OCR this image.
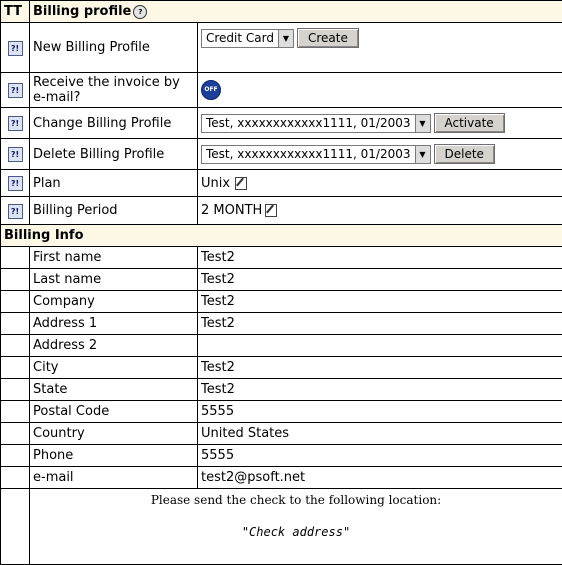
TT	Billing profile ?	
?!	New Billing Profile	Credit Card ▼ Create
?!	Receive the invoice by e-mail?	OFF
?!	Change Billing Profile	Test, xxxxxxxxxxxx1111, 01/2003 ▼ Activate
?!	Delete Billing Profile	Test, xxxxxxxxxxxx1111, 01/2003 ▼ Delete
?!	Plan	Unix
?!	Billing Period	2 MONTH
Billing Info		
	First name	Test2
	Last name	Test2
	Company	Test2
	Address 1	Test2
	Address 2	
	City	Test2
	State	Test2
	Postal Code	5555
	Country	United States
	Phone	5555
	e-mail	test2@psoft.net

	Please send the check to the following location:
"Check address"	
